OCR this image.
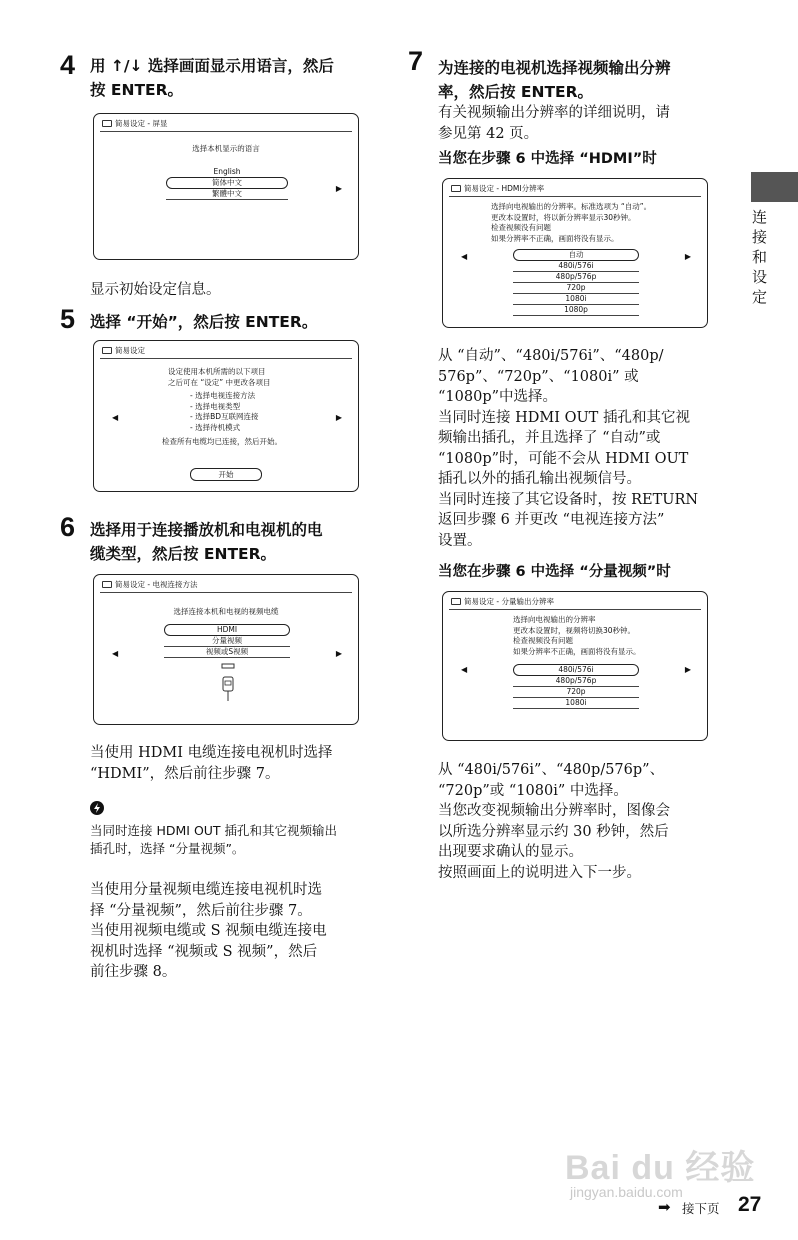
4 用 ↑/↓ 选择画面显示用语言，然后
按 ENTER。
简易设定 - 屏显
选择本机显示的语言
English
简体中文
繁體中文
▶
显示初始设定信息。
5 选择 “开始”，然后按 ENTER。
简易设定
设定使用本机所需的以下项目
之后可在 “设定” 中更改各项目
- 选择电视连接方法
- 选择电视类型
- 选择BD互联网连接
- 选择待机模式
检查所有电缆均已连接，然后开始。
开始
◀	▶
6 选择用于连接播放机和电视机的电
缆类型，然后按 ENTER。
简易设定 - 电视连接方法
选择连接本机和电视的视频电缆
HDMI
分量视频
视频或S视频
◀	▶
当使用 HDMI 电缆连接电视机时选择
“HDMI”，然后前往步骤 7。
当同时连接 HDMI OUT 插孔和其它视频输出
插孔时，选择 “分量视频”。
当使用分量视频电缆连接电视机时选
择 “分量视频”，然后前往步骤 7。
当使用视频电缆或 S 视频电缆连接电
视机时选择 “视频或 S 视频”，然后
前往步骤 8。
7 为连接的电视机选择视频输出分辨
率，然后按 ENTER。
有关视频输出分辨率的详细说明，请
参见第 42 页。
当您在步骤 6 中选择 “HDMI”时
简易设定 - HDMI分辨率
选择向电视输出的分辨率。标准选项为 “自动”。
更改本设置时，将以新分辨率显示30秒钟。
检查视频没有问题
如果分辨率不正确，画面将没有显示。
自动
480i/576i
480p/576p
720p
1080i
1080p
◀	▶
从 “自动”、“480i/576i”、“480p/
576p”、“720p”、“1080i” 或
“1080p”中选择。
当同时连接 HDMI OUT 插孔和其它视
频输出插孔，并且选择了 “自动”或
“1080p”时，可能不会从 HDMI OUT
插孔以外的插孔输出视频信号。
当同时连接了其它设备时，按 RETURN
返回步骤 6 并更改 “电视连接方法”
设置。
当您在步骤 6 中选择 “分量视频”时
简易设定 - 分量输出分辨率
选择向电视输出的分辨率
更改本设置时，视频将切换30秒钟。
检查视频没有问题
如果分辨率不正确，画面将没有显示。
480i/576i
480p/576p
720p
1080i
◀	▶
从 “480i/576i”、“480p/576p”、
“720p”或 “1080i” 中选择。
当您改变视频输出分辨率时，图像会
以所选分辨率显示约 30 秒钟，然后
出现要求确认的显示。
按照画面上的说明进入下一步。
连接和设定
Bai du 经验
jingyan.baidu.com
➡ 接下页 27
